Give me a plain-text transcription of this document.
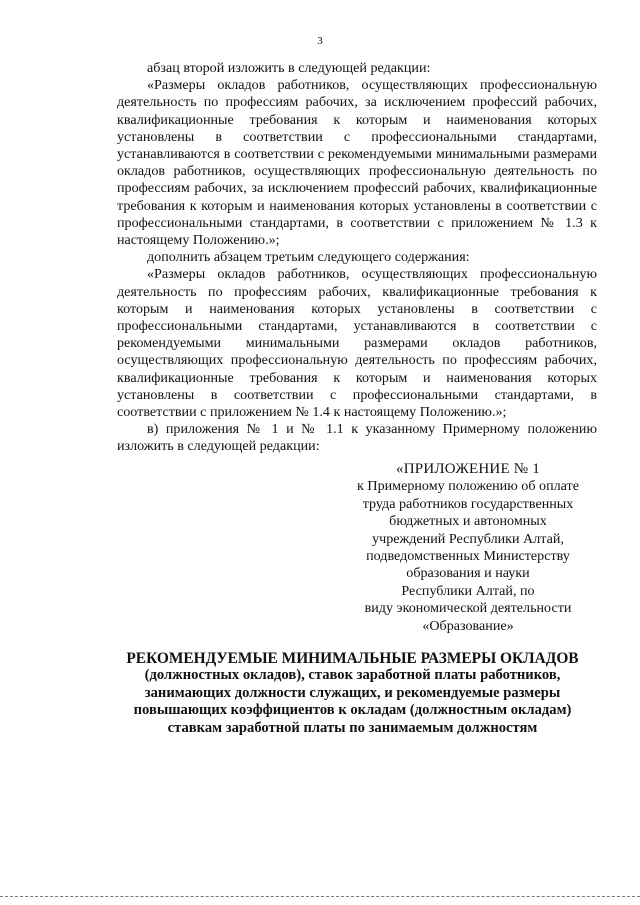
3

абзац второй изложить в следующей редакции:

«Размеры окладов работников, осуществляющих профессиональную деятельность по профессиям рабочих, за исключением профессий рабочих, квалификационные требования к которым и наименования которых установлены в соответствии с профессиональными стандартами, устанавливаются в соответствии с рекомендуемыми минимальными размерами окладов работников, осуществляющих профессиональную деятельность по профессиям рабочих, за исключением профессий рабочих, квалификационные требования к которым и наименования которых установлены в соответствии с профессиональными стандартами, в соответствии с приложением № 1.3 к настоящему Положению.»;

дополнить абзацем третьим следующего содержания:

«Размеры окладов работников, осуществляющих профессиональную деятельность по профессиям рабочих, квалификационные требования к которым и наименования которых установлены в соответствии с профессиональными стандартами, устанавливаются в соответствии с рекомендуемыми минимальными размерами окладов работников, осуществляющих профессиональную деятельность по профессиям рабочих, квалификационные требования к которым и наименования которых установлены в соответствии с профессиональными стандартами, в соответствии с приложением № 1.4 к настоящему Положению.»;

в) приложения № 1 и № 1.1 к указанному Примерному положению изложить в следующей редакции:

«ПРИЛОЖЕНИЕ № 1
к Примерному положению об оплате
труда работников государственных
бюджетных и автономных
учреждений Республики Алтай,
подведомственных Министерству
образования и науки
Республики Алтай, по
виду экономической деятельности
«Образование»
РЕКОМЕНДУЕМЫЕ МИНИМАЛЬНЫЕ РАЗМЕРЫ ОКЛАДОВ
(должностных окладов), ставок заработной платы работников,
занимающих должности служащих, и рекомендуемые размеры
повышающих коэффициентов к окладам (должностным окладам)
ставкам заработной платы по занимаемым должностям
